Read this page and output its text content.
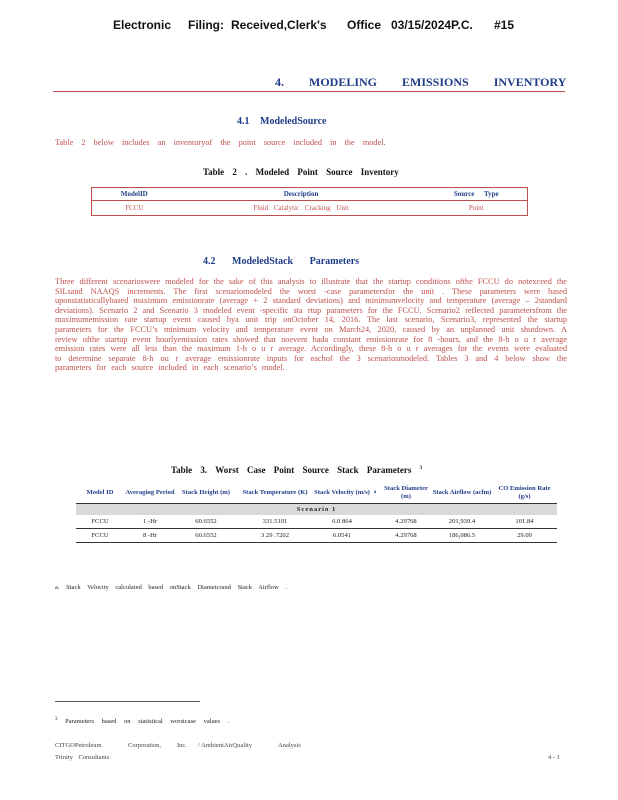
Electronic Filing: Received,Clerk's Office 03/15/2024P.C. #15
4. MODELING EMISSIONS INVENTORY
4.1 ModeledSource
Table 2 below includes an inventoryof the point source included in the model.
Table 2 . Modeled Point Source Inventory
ModelID	Description	Source Type
FCCU	Fluid Catalytic Cracking Unit	Point
4.2 ModeledStack Parameters
Three different scenarioswere modeled for the sake of this analysis to illustrate that the startup conditions ofthe FCCU do notexceed the SILsand NAAQS increments. The first scenariomodeled the worst -case parametersfor the unit . These parameters were based uponstatisticallybased maximum emissionrate (average + 2 standard deviations) and minimumvelocity and temperature (average – 2standard deviations). Scenario 2 and Scenario 3 modeled event -specific sta rtup parameters for the FCCU. Scenario2 reflected parametersfrom the maximumemission rate startup event caused bya unit trip onOctober 14, 2016. The last scenario, Scenario3, represented the startup parameters for the FCCU’s minimum velocity and temperature event on March24, 2020, caused by an unplanned unit shutdown. A review ofthe startup event hourlyemission rates showed that noevent hada constant emissionrate for 8 -hours, and the 8-h o u r average emission rates were all less than the maximum 1-h o u r average. Accordingly, these 8-h o u r averages for the events were evaluated to determine separate 8-h ou r average emissionrate inputs for eachof the 3 scenariosmodeled. Tables 3 and 4 below show the parameters for each source included in each scenario’s model.
Table 3. Worst Case Point Source Stack Parameters $^3$
Model ID	Averaging Period	Stack Height (m)	Stack Temperature (K)	Stack Velocity (m/s)	a	Stack Diameter (m)	Stack Airflow (acfm)	CO Emission Rate (g/s)
Scenario 1								
FCCU	1 -Hr	60.6552	331.5101	6.0 864		4.29768	201,939.4	101.84
FCCU	8 -Hr	60.6552	3 29 .7202	6.0541		4.29768	186,086.5	29.09
a. Stack Velocity calculated based onStack Diametcrand Stack Airflow .
$^3$ Parameters based on statistical worstcase values .
CITGOPetroleum	Corporation, Inc. / AmbientAirQuality	Analysis
Trinity Consultants	4 - 1
